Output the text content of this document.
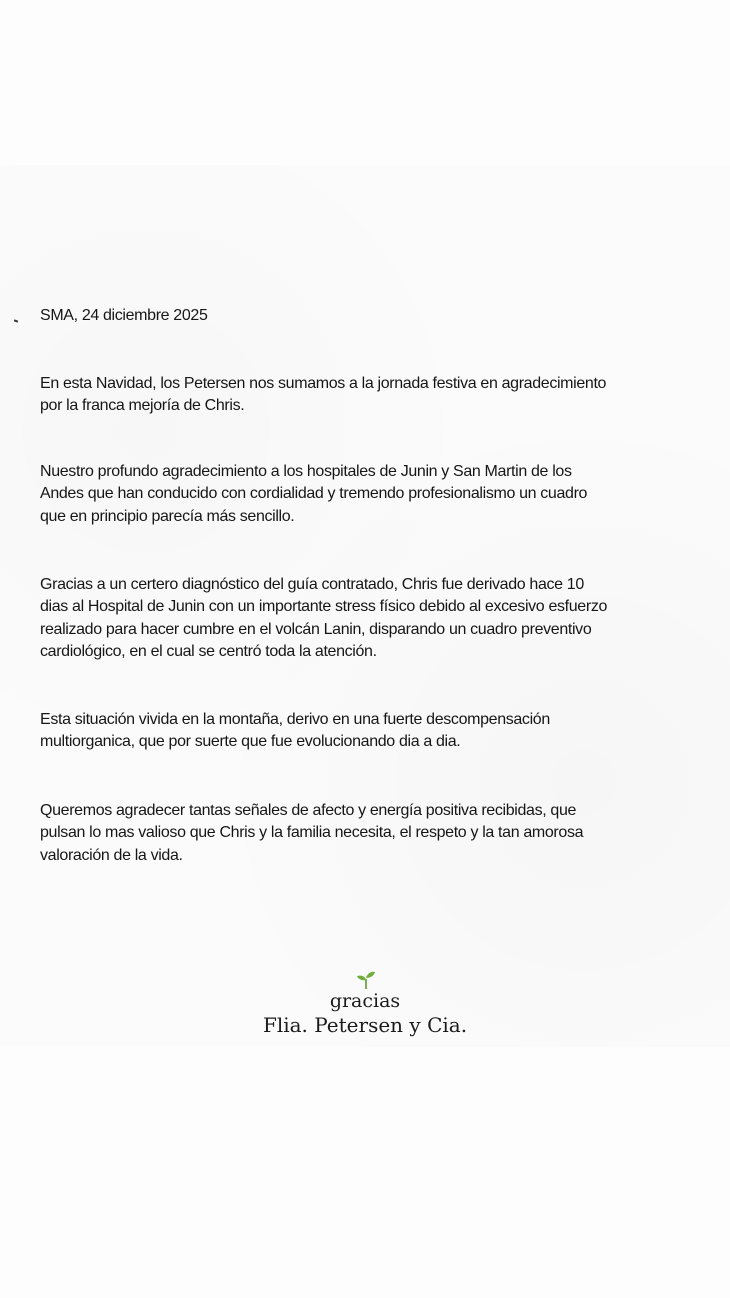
SMA, 24 diciembre 2025
En esta Navidad, los Petersen nos sumamos a la jornada festiva en agradecimiento
por la franca mejoría de Chris.
Nuestro profundo agradecimiento a los hospitales de Junin y San Martin de los
Andes que han conducido con cordialidad y tremendo profesionalismo un cuadro
que en principio parecía más sencillo.
Gracias a un certero diagnóstico del guía contratado, Chris fue derivado hace 10
dias al Hospital de Junin con un importante stress físico debido al excesivo esfuerzo
realizado para hacer cumbre en el volcán Lanin, disparando un cuadro preventivo
cardiológico, en el cual se centró toda la atención.
Esta situación vivida en la montaña, derivo en una fuerte descompensación
multiorganica, que por suerte que fue evolucionando dia a dia.
Queremos agradecer tantas señales de afecto y energía positiva recibidas, que
pulsan lo mas valioso que Chris y la familia necesita, el respeto y la tan amorosa
valoración de la vida.
gracias
Flia. Petersen y Cia.
